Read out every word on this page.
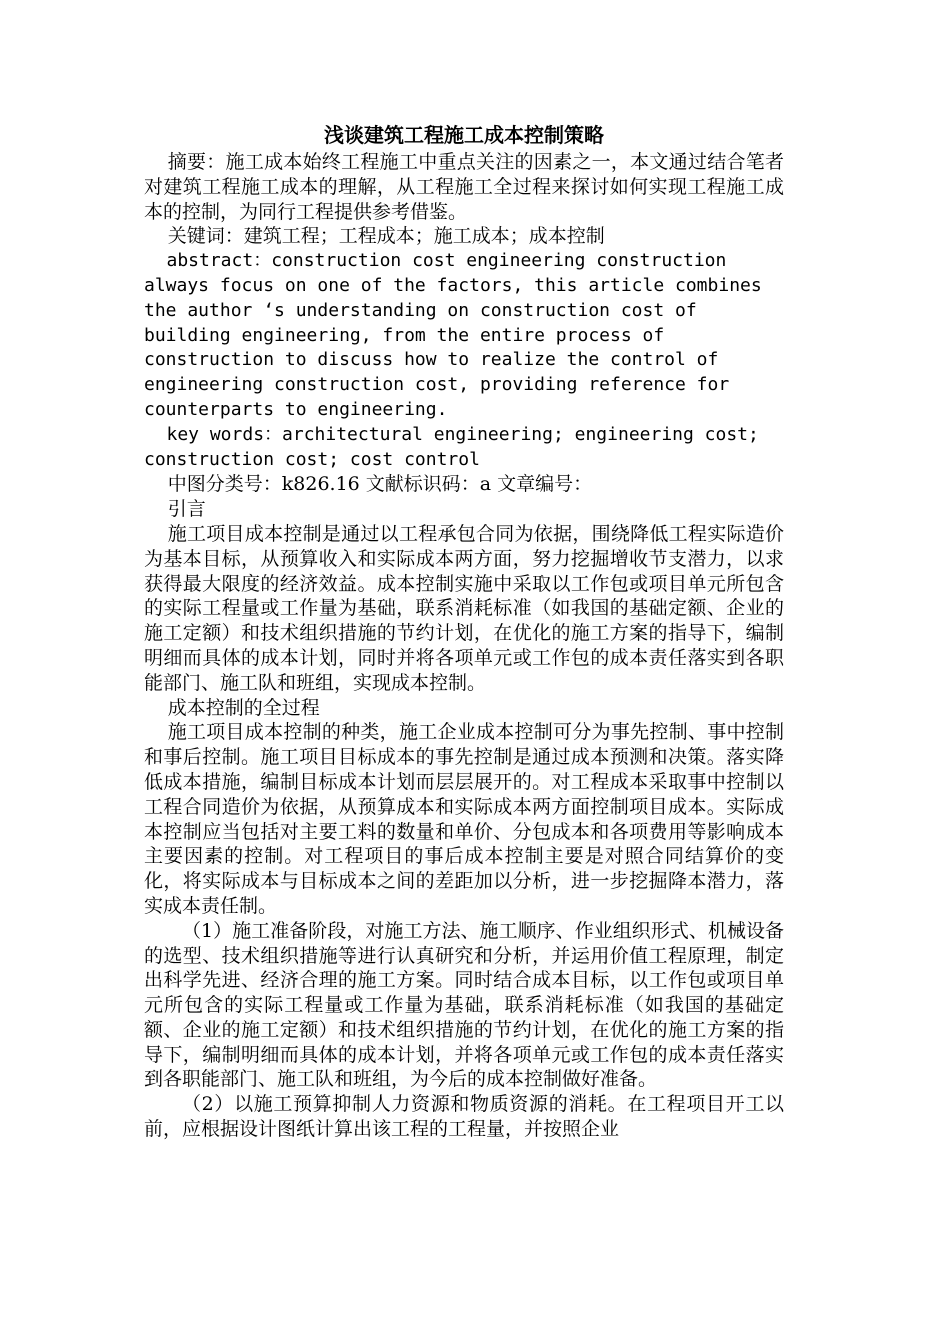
浅谈建筑工程施工成本控制策略

摘要：施工成本始终工程施工中重点关注的因素之一，本文通过结合笔者对建筑工程施工成本的理解，从工程施工全过程来探讨如何实现工程施工成本的控制，为同行工程提供参考借鉴。

关键词：建筑工程；工程成本；施工成本；成本控制

abstract：construction cost engineering construction always focus on one of the factors, this article combines the author ‘s understanding on construction cost of building engineering, from the entire process of construction to discuss how to realize the control of engineering construction cost, providing reference for counterparts to engineering.

key words：architectural engineering; engineering cost; construction cost; cost control

中图分类号：k826.16 文献标识码：a 文章编号：

引言

施工项目成本控制是通过以工程承包合同为依据，围绕降低工程实际造价为基本目标，从预算收入和实际成本两方面，努力挖掘增收节支潜力，以求获得最大限度的经济效益。成本控制实施中采取以工作包或项目单元所包含的实际工程量或工作量为基础，联系消耗标准（如我国的基础定额、企业的施工定额）和技术组织措施的节约计划，在优化的施工方案的指导下，编制明细而具体的成本计划，同时并将各项单元或工作包的成本责任落实到各职能部门、施工队和班组，实现成本控制。

成本控制的全过程

施工项目成本控制的种类，施工企业成本控制可分为事先控制、事中控制和事后控制。施工项目目标成本的事先控制是通过成本预测和决策。落实降低成本措施，编制目标成本计划而层层展开的。对工程成本采取事中控制以工程合同造价为依据，从预算成本和实际成本两方面控制项目成本。实际成本控制应当包括对主要工料的数量和单价、分包成本和各项费用等影响成本主要因素的控制。对工程项目的事后成本控制主要是对照合同结算价的变化，将实际成本与目标成本之间的差距加以分析，进一步挖掘降本潜力，落实成本责任制。

（1）施工准备阶段，对施工方法、施工顺序、作业组织形式、机械设备的选型、技术组织措施等进行认真研究和分析，并运用价值工程原理，制定出科学先进、经济合理的施工方案。同时结合成本目标，以工作包或项目单元所包含的实际工程量或工作量为基础，联系消耗标准（如我国的基础定额、企业的施工定额）和技术组织措施的节约计划，在优化的施工方案的指导下，编制明细而具体的成本计划，并将各项单元或工作包的成本责任落实到各职能部门、施工队和班组，为今后的成本控制做好准备。

（2）以施工预算抑制人力资源和物质资源的消耗。在工程项目开工以前，应根据设计图纸计算出该工程的工程量，并按照企业
